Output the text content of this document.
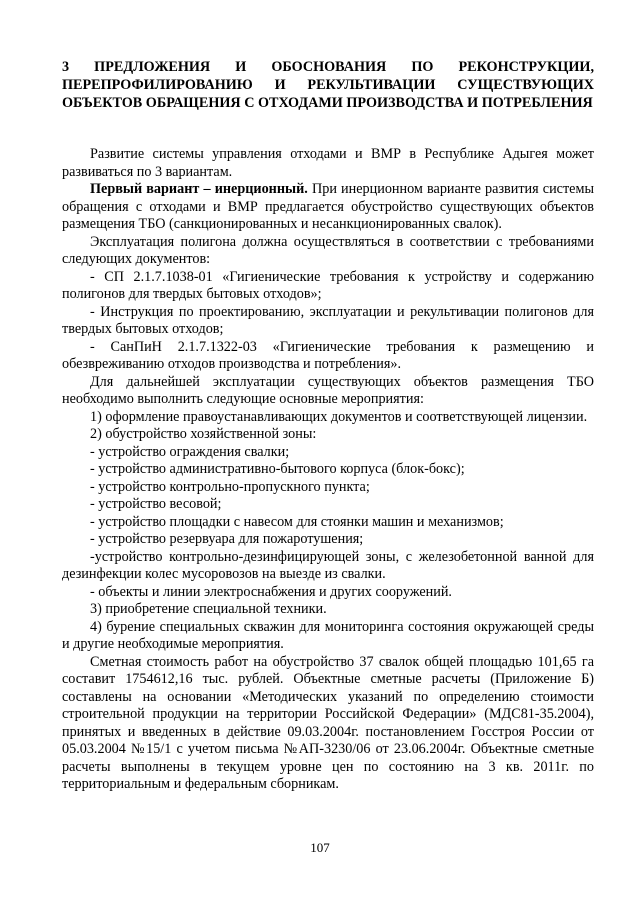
3 ПРЕДЛОЖЕНИЯ И ОБОСНОВАНИЯ ПО РЕКОНСТРУКЦИИ, ПЕРЕПРОФИЛИРОВАНИЮ И РЕКУЛЬТИВАЦИИ СУЩЕСТВУЮЩИХ ОБЪЕКТОВ ОБРАЩЕНИЯ С ОТХОДАМИ ПРОИЗВОДСТВА И ПОТРЕБЛЕНИЯ

Развитие системы управления отходами и ВМР в Республике Адыгея может развиваться по 3 вариантам.

Первый вариант – инерционный. При инерционном варианте развития системы обращения с отходами и ВМР предлагается обустройство существующих объектов размещения ТБО (санкционированных и несанкционированных свалок).

Эксплуатация полигона должна осуществляться в соответствии с требованиями следующих документов:

- СП 2.1.7.1038-01 «Гигиенические требования к устройству и содержанию полигонов для твердых бытовых отходов»;

- Инструкция по проектированию, эксплуатации и рекультивации полигонов для твердых бытовых отходов;

- СанПиН 2.1.7.1322-03 «Гигиенические требования к размещению и обезвреживанию отходов производства и потребления».

Для дальнейшей эксплуатации существующих объектов размещения ТБО необходимо выполнить следующие основные мероприятия:

1) оформление правоустанавливающих документов и соответствующей лицензии.

2) обустройство хозяйственной зоны:

- устройство ограждения свалки;

- устройство административно-бытового корпуса (блок-бокс);

- устройство контрольно-пропускного пункта;

- устройство весовой;

- устройство площадки с навесом для стоянки машин и механизмов;

- устройство резервуара для пожаротушения;

-устройство контрольно-дезинфицирующей зоны, с железобетонной ванной для дезинфекции колес мусоровозов на выезде из свалки.

- объекты и линии электроснабжения и других сооружений.

3) приобретение специальной техники.

4) бурение специальных скважин для мониторинга состояния окружающей среды и другие необходимые мероприятия.

Сметная стоимость работ на обустройство 37 свалок общей площадью 101,65 га составит 1754612,16 тыс. рублей. Объектные сметные расчеты (Приложение Б) составлены на основании «Методических указаний по определению стоимости строительной продукции на территории Российской Федерации» (МДС81-35.2004), принятых и введенных в действие 09.03.2004г. постановлением Госстроя России от 05.03.2004 №15/1 с учетом письма №АП-3230/06 от 23.06.2004г. Объектные сметные расчеты выполнены в текущем уровне цен по состоянию на 3 кв. 2011г. по территориальным и федеральным сборникам.

107
